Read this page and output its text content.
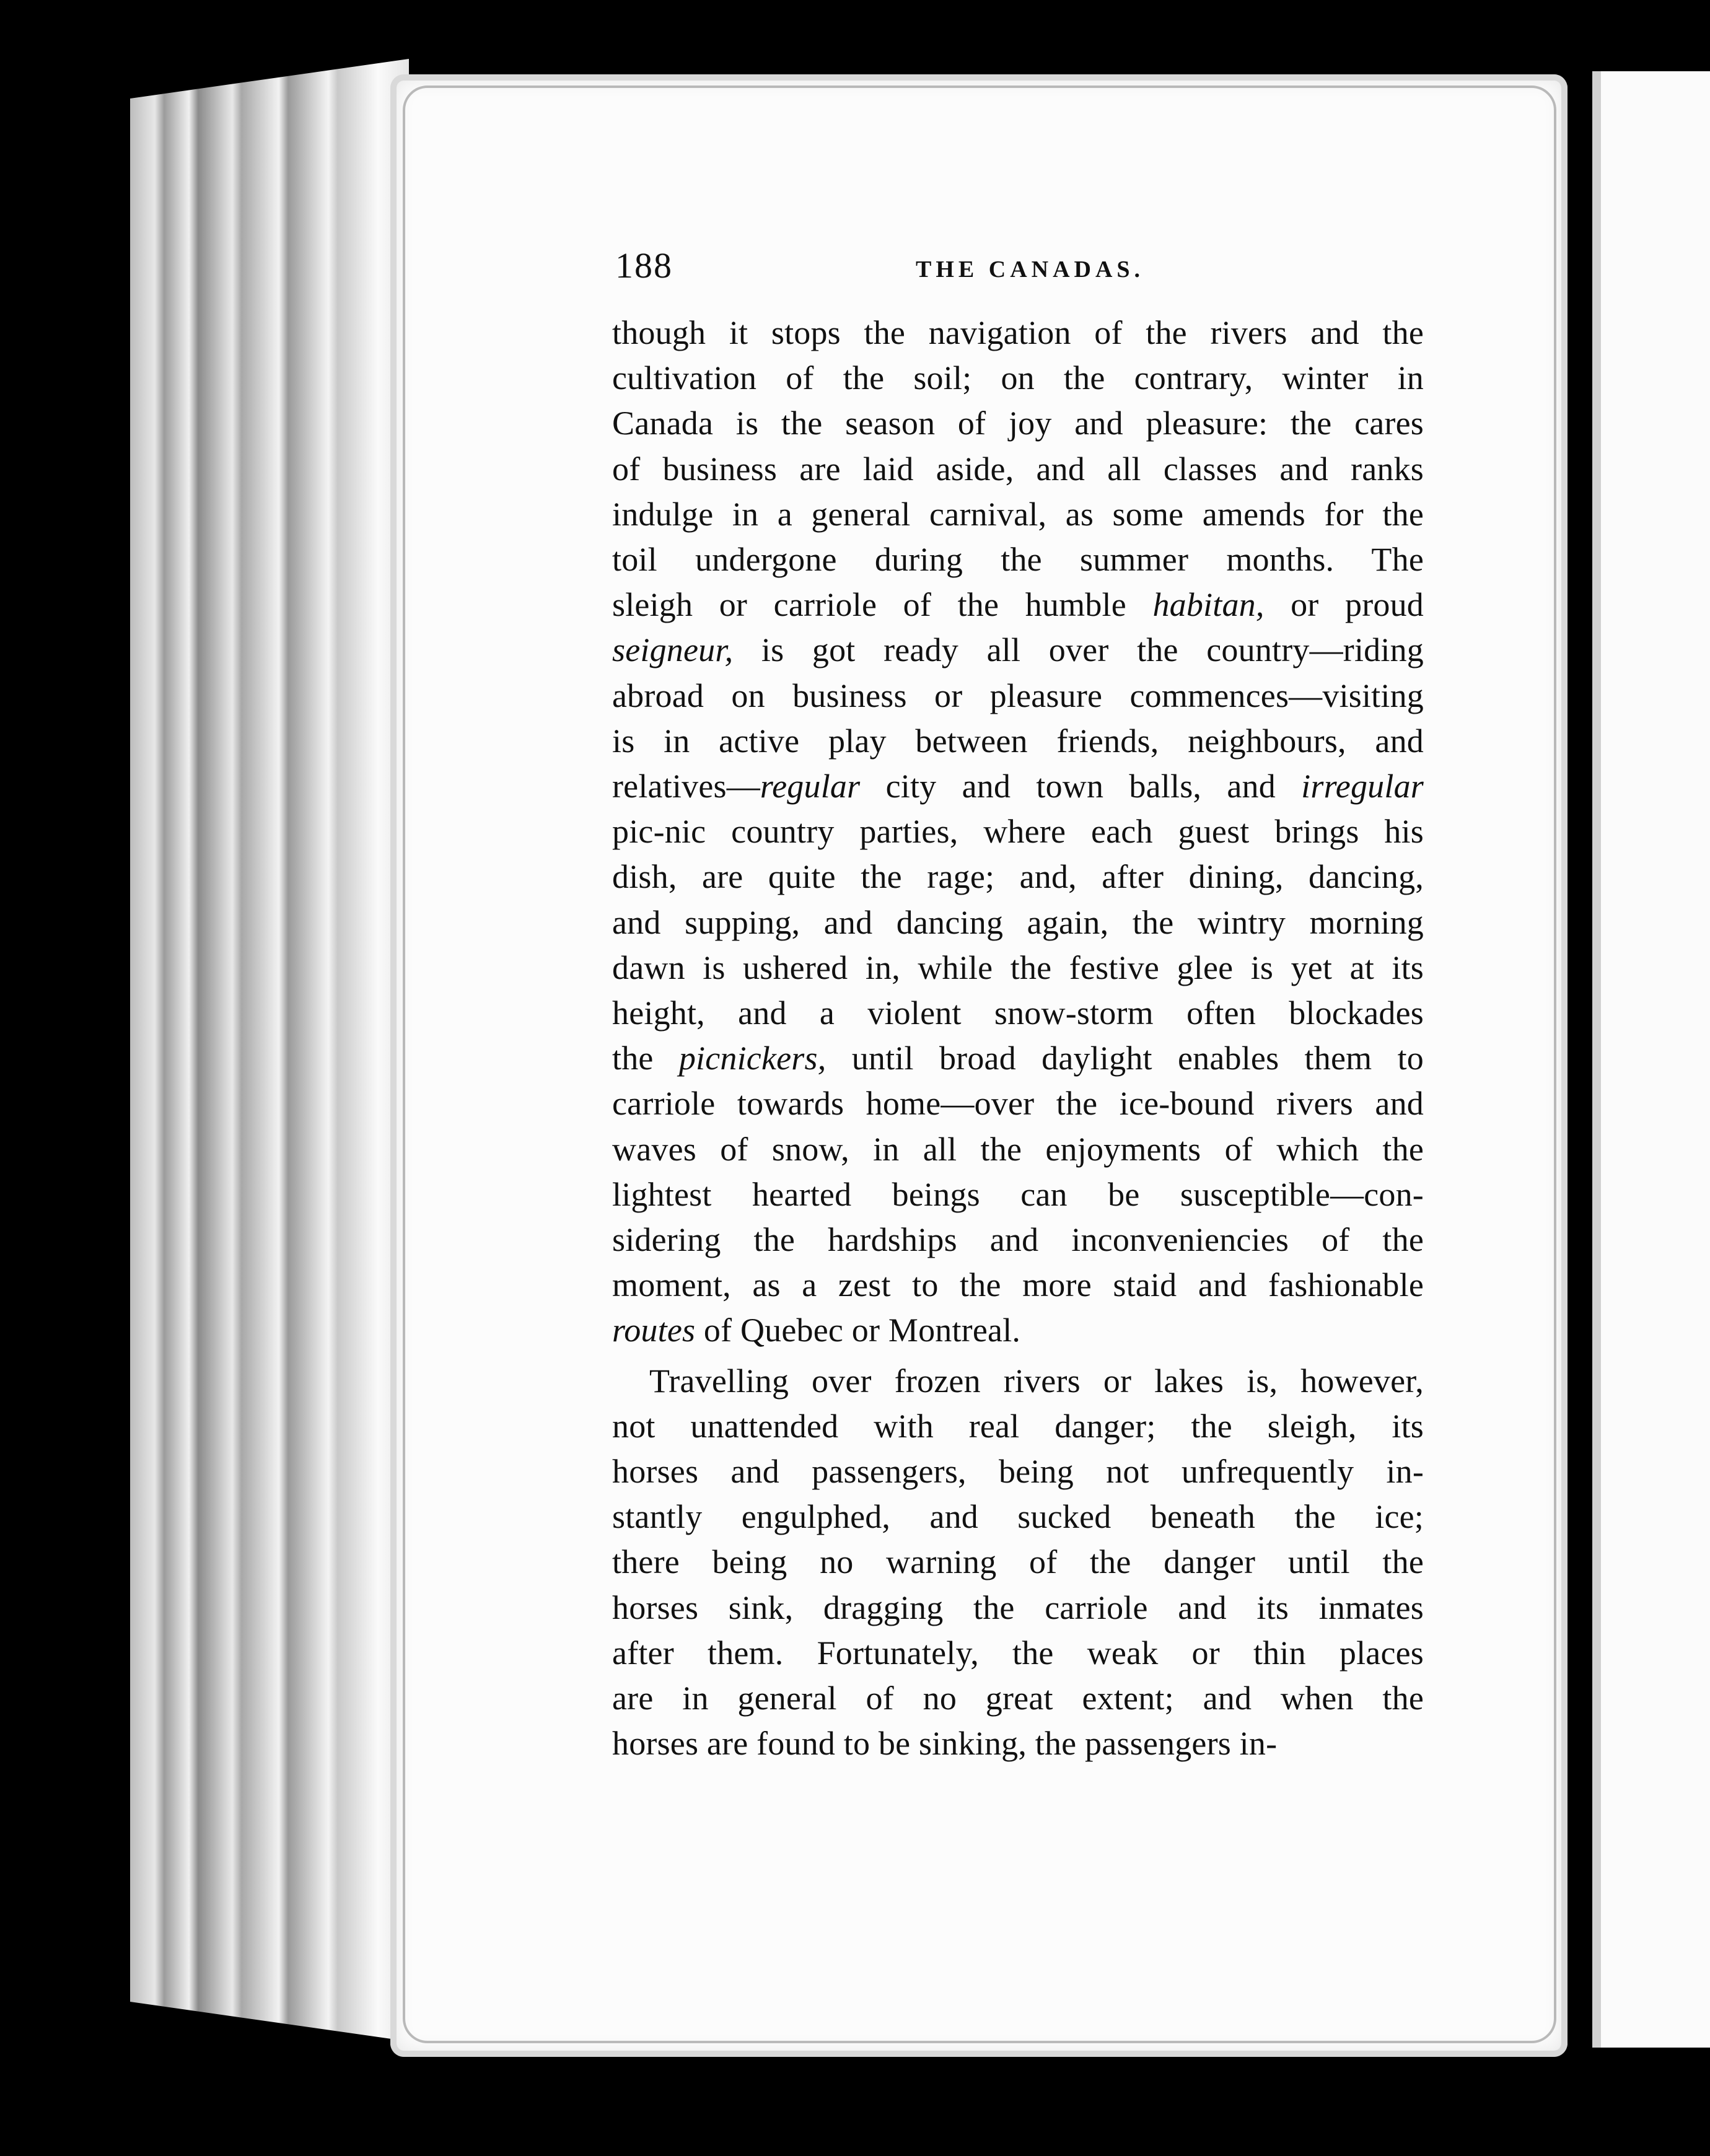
188	THE CANADAS.

though it stops the navigation of the rivers and the
cultivation of the soil; on the contrary, winter in
Canada is the season of joy and pleasure: the cares
of business are laid aside, and all classes and ranks
indulge in a general carnival, as some amends for the
toil undergone during the summer months. The
sleigh or carriole of the humble habitan, or proud
seigneur, is got ready all over the country—riding
abroad on business or pleasure commences—visiting
is in active play between friends, neighbours, and
relatives—regular city and town balls, and irregular
pic-nic country parties, where each guest brings his
dish, are quite the rage; and, after dining, dancing,
and supping, and dancing again, the wintry morning
dawn is ushered in, while the festive glee is yet at its
height, and a violent snow-storm often blockades
the picnickers, until broad daylight enables them to
carriole towards home—over the ice-bound rivers and
waves of snow, in all the enjoyments of which the
lightest hearted beings can be susceptible—con-
sidering the hardships and inconveniencies of the
moment, as a zest to the more staid and fashionable
routes of Quebec or Montreal.

Travelling over frozen rivers or lakes is, however,
not unattended with real danger; the sleigh, its
horses and passengers, being not unfrequently in-
stantly engulphed, and sucked beneath the ice;
there being no warning of the danger until the
horses sink, dragging the carriole and its inmates
after them. Fortunately, the weak or thin places
are in general of no great extent; and when the
horses are found to be sinking, the passengers in-
